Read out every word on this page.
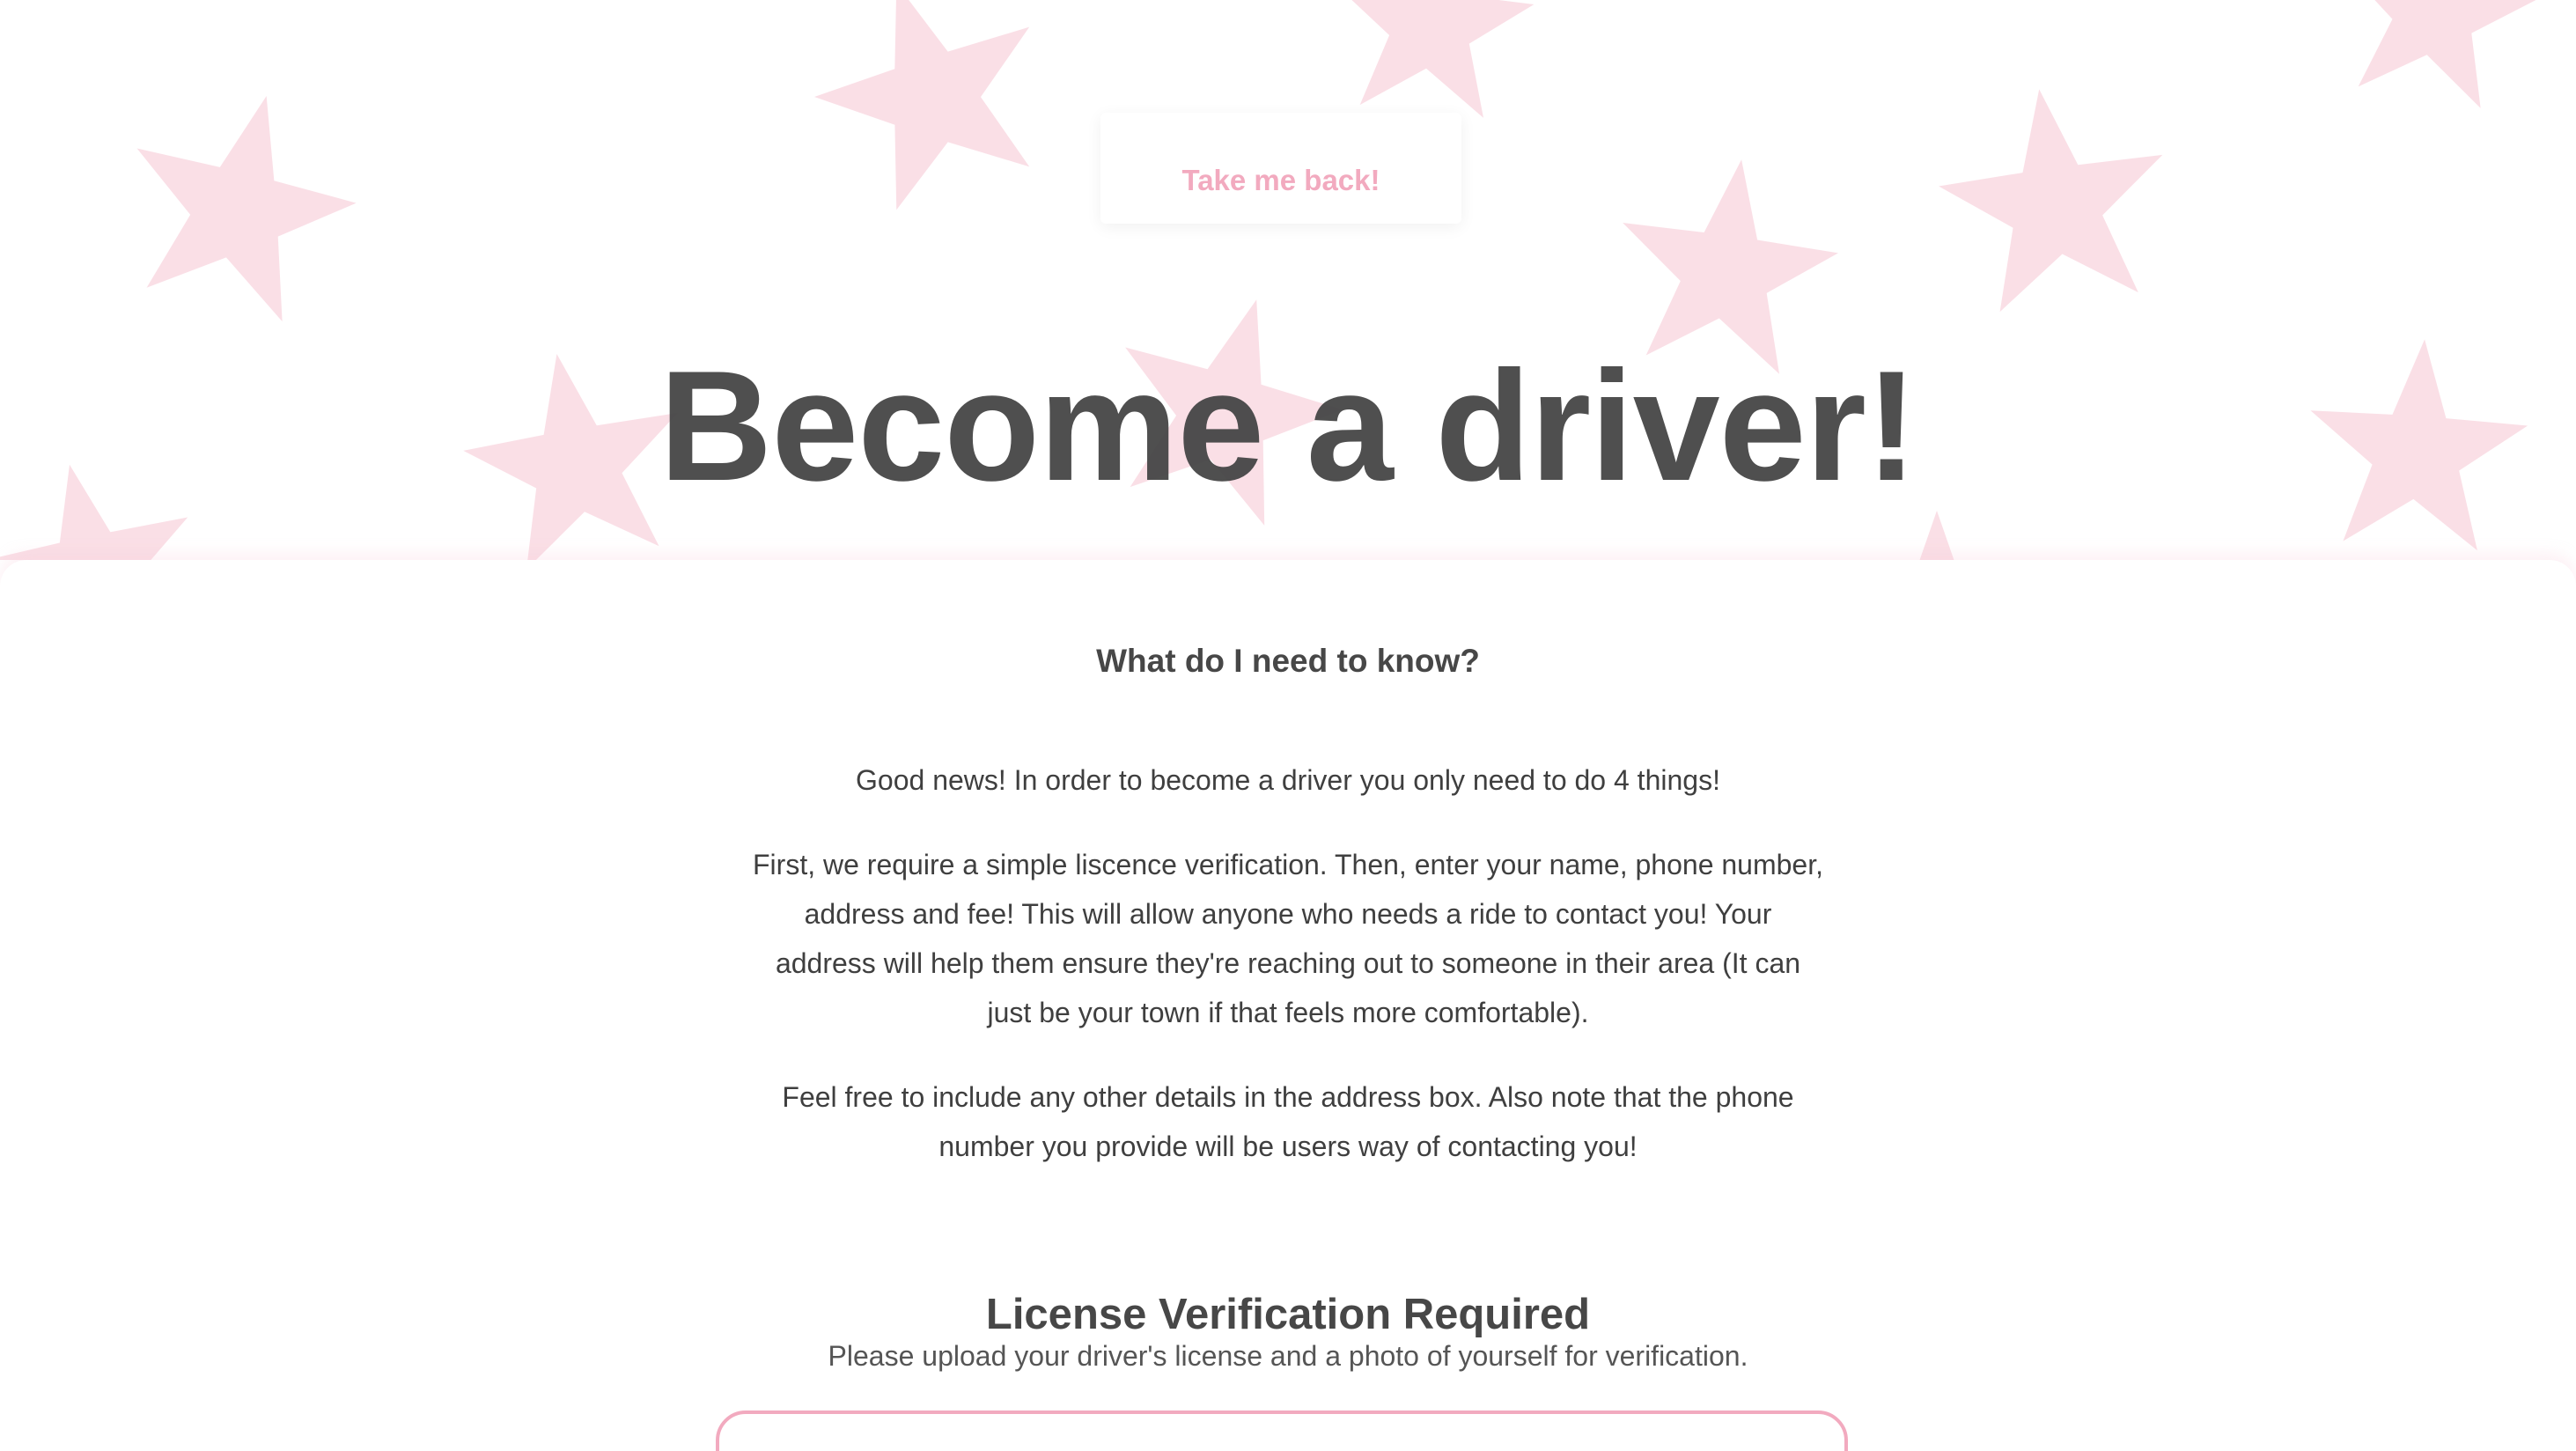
Take me back!
Become a driver!
What do I need to know?

Good news! In order to become a driver you only need to do 4 things!

First, we require a simple liscence verification. Then, enter your name, phone number, address and fee! This will allow anyone who needs a ride to contact you! Your address will help them ensure they're reaching out to someone in their area (It can just be your town if that feels more comfortable).

Feel free to include any other details in the address box. Also note that the phone number you provide will be users way of contacting you!

License Verification Required

Please upload your driver's license and a photo of yourself for verification.
